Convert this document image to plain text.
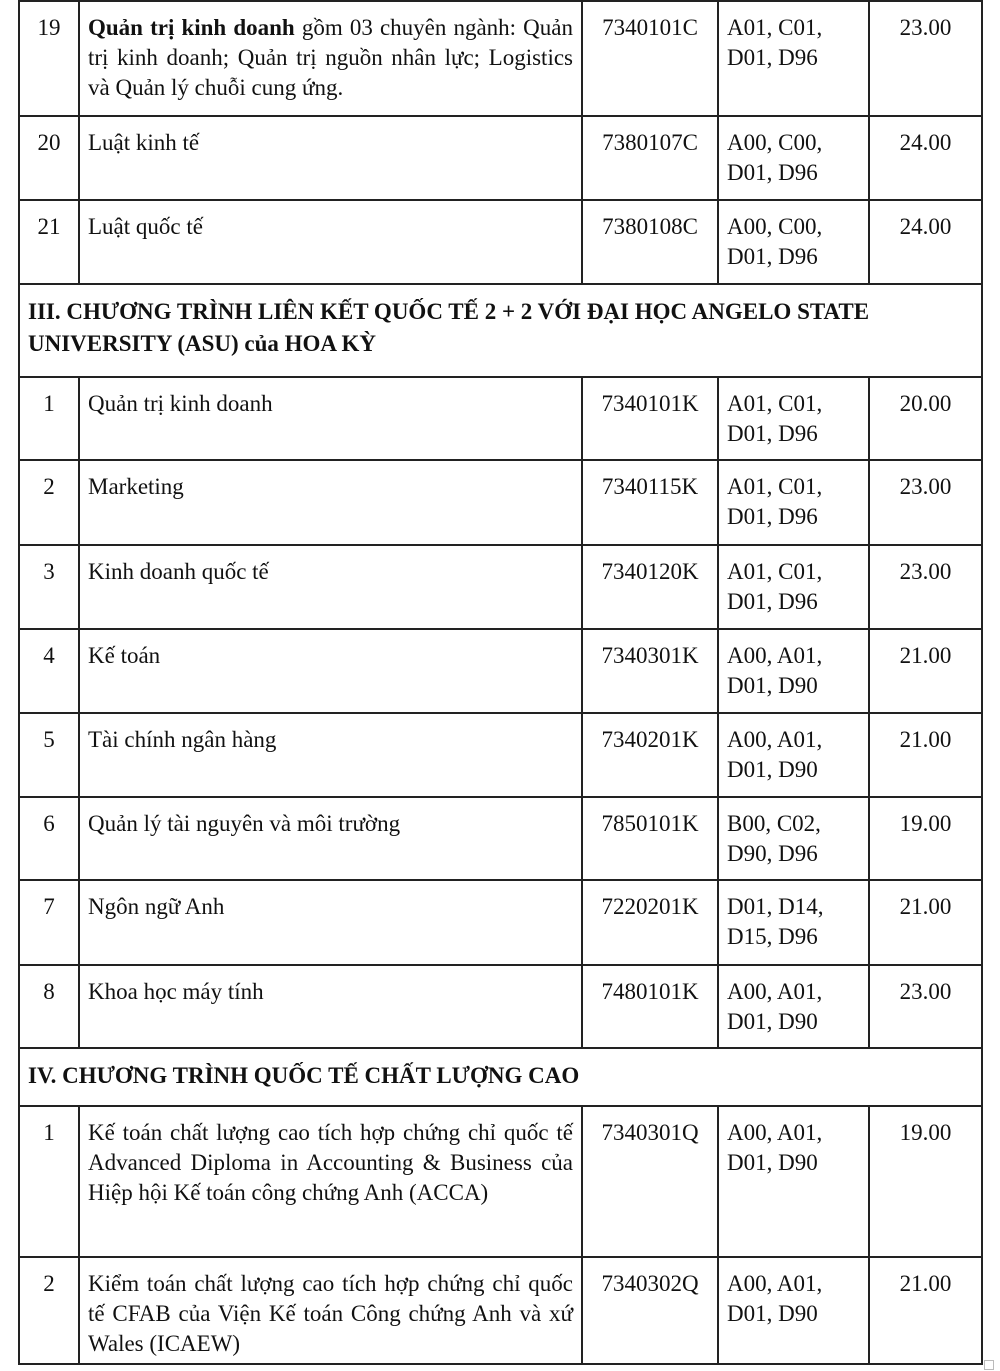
19	Quản trị kinh doanh gồm 03 chuyên ngành: Quản trị kinh doanh; Quản trị nguồn nhân lực; Logistics và Quản lý chuỗi cung ứng.	7340101C	A01, C01, D01, D96	23.00
20	Luật kinh tế	7380107C	A00, C00, D01, D96	24.00
21	Luật quốc tế	7380108C	A00, C00, D01, D96	24.00
III. CHƯƠNG TRÌNH LIÊN KẾT QUỐC TẾ 2 + 2 VỚI ĐẠI HỌC ANGELO STATE UNIVERSITY (ASU) của HOA KỲ				
1	Quản trị kinh doanh	7340101K	A01, C01, D01, D96	20.00
2	Marketing	7340115K	A01, C01, D01, D96	23.00
3	Kinh doanh quốc tế	7340120K	A01, C01, D01, D96	23.00
4	Kế toán	7340301K	A00, A01, D01, D90	21.00
5	Tài chính ngân hàng	7340201K	A00, A01, D01, D90	21.00
6	Quản lý tài nguyên và môi trường	7850101K	B00, C02, D90, D96	19.00
7	Ngôn ngữ Anh	7220201K	D01, D14, D15, D96	21.00
8	Khoa học máy tính	7480101K	A00, A01, D01, D90	23.00
IV. CHƯƠNG TRÌNH QUỐC TẾ CHẤT LƯỢNG CAO				
1	Kế toán chất lượng cao tích hợp chứng chỉ quốc tế Advanced Diploma in Accounting & Business của Hiệp hội Kế toán công chứng Anh (ACCA)	7340301Q	A00, A01, D01, D90	19.00
2	Kiểm toán chất lượng cao tích hợp chứng chỉ quốc tế CFAB của Viện Kế toán Công chứng Anh và xứ Wales (ICAEW)	7340302Q	A00, A01, D01, D90	21.00
